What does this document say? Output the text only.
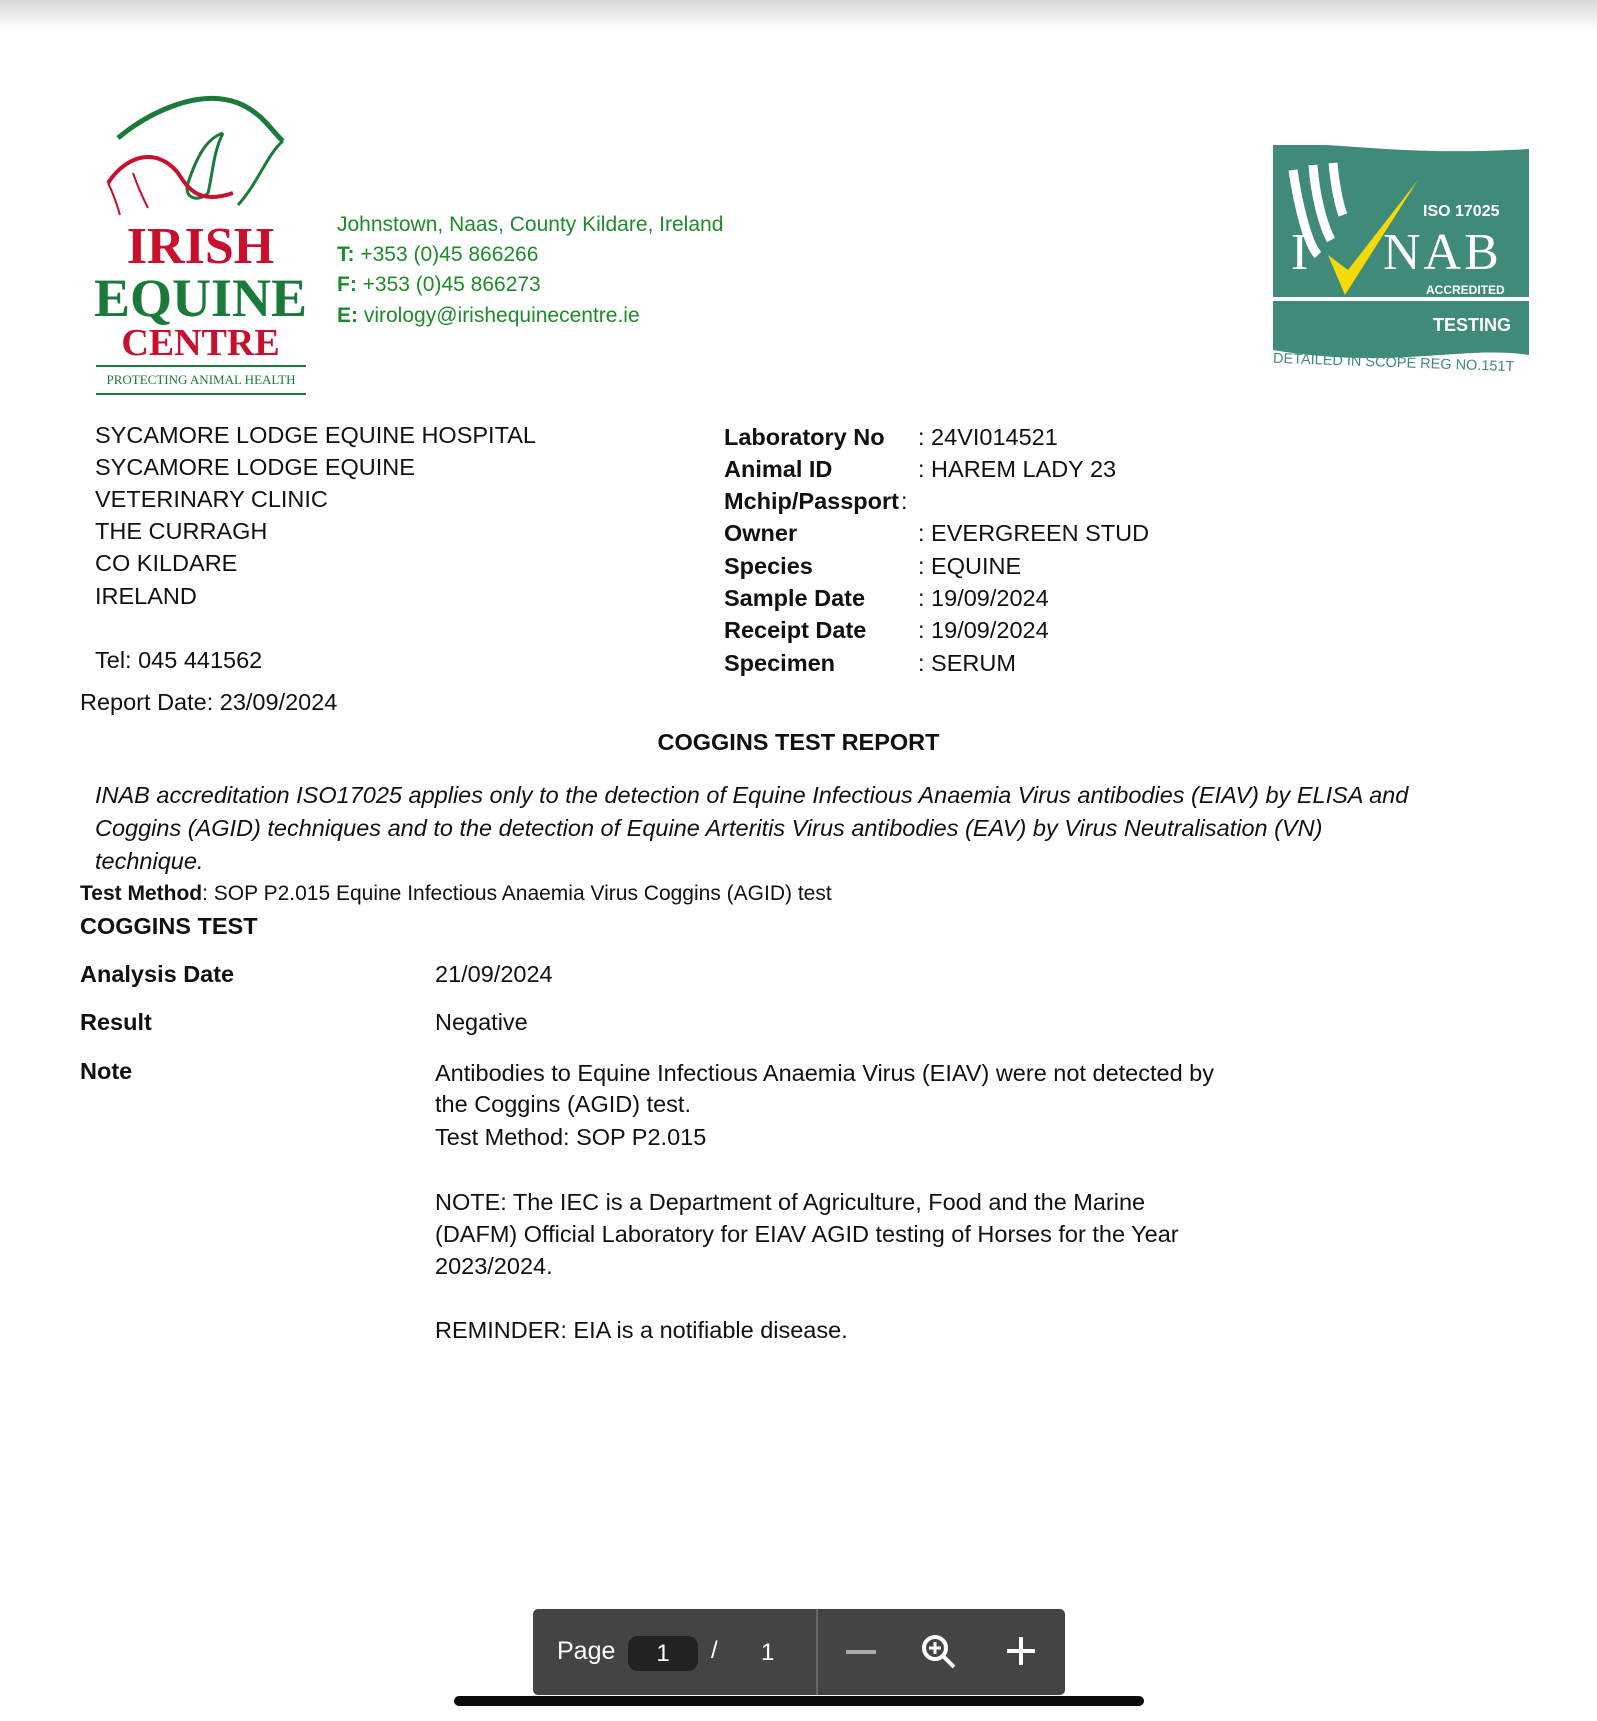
IRISH
EQUINE
CENTRE
PROTECTING ANIMAL HEALTH
Johnstown, Naas, County Kildare, Ireland
T: +353 (0)45 866266
F: +353 (0)45 866273
E: virology@irishequinecentre.ie
ISO 17025
I NAB
ACCREDITED
TESTING
DETAILED IN SCOPE REG NO.151T
SYCAMORE LODGE EQUINE HOSPITAL
SYCAMORE LODGE EQUINE
VETERINARY CLINIC
THE CURRAGH
CO KILDARE
IRELAND
Tel: 045 441562
Report Date: 23/09/2024
Laboratory No : 24VI014521
Animal ID	: HAREM LADY 23
Mchip/Passport :
Owner	: EVERGREEN STUD
Species	: EQUINE
Sample Date : 19/09/2024
Receipt Date : 19/09/2024
Specimen	: SERUM
COGGINS TEST REPORT
INAB accreditation ISO17025 applies only to the detection of Equine Infectious Anaemia Virus antibodies (EIAV) by ELISA and Coggins (AGID) techniques and to the detection of Equine Arteritis Virus antibodies (EAV) by Virus Neutralisation (VN) technique.
Test Method: SOP P2.015 Equine Infectious Anaemia Virus Coggins (AGID) test
COGGINS TEST
Analysis Date	21/09/2024
Result	Negative
Note	Antibodies to Equine Infectious Anaemia Virus (EIAV) were not detected by
the Coggins (AGID) test.
Test Method: SOP P2.015
NOTE: The IEC is a Department of Agriculture, Food and the Marine
(DAFM) Official Laboratory for EIAV AGID testing of Horses for the Year
2023/2024.
REMINDER: EIA is a notifiable disease.
Page	1	/ 1
